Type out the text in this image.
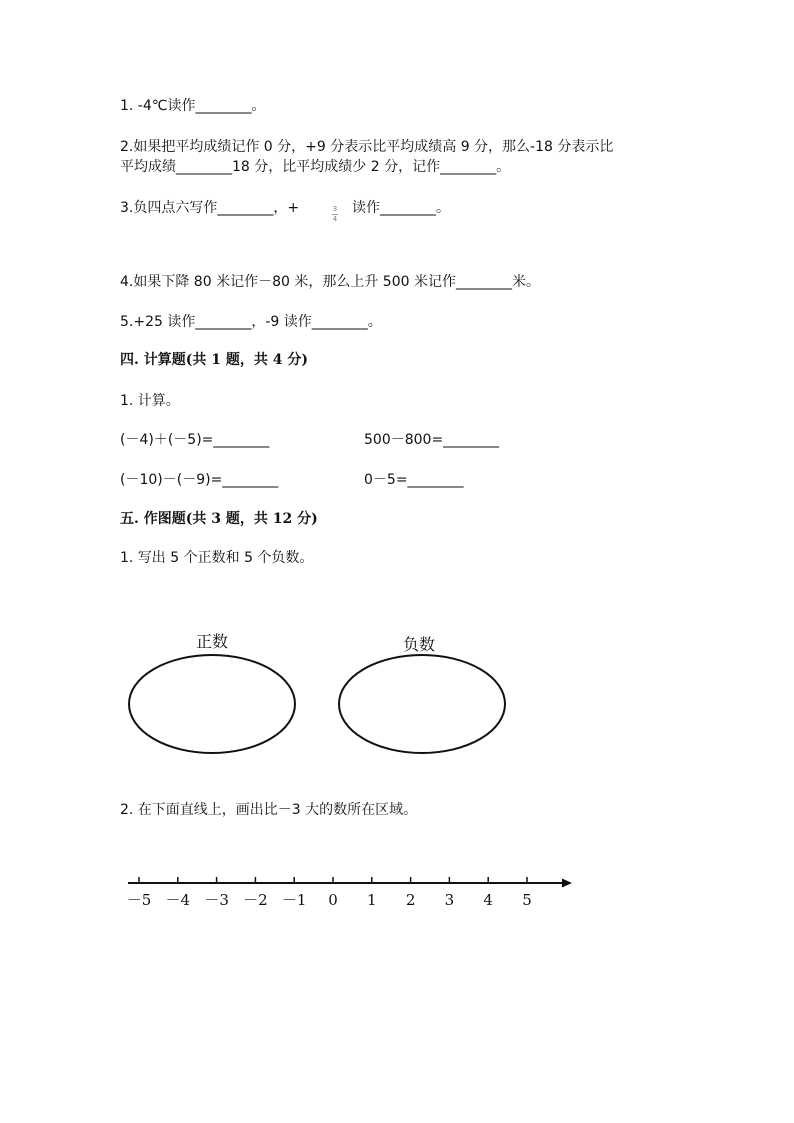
1. -4℃读作________。
2.如果把平均成绩记作 0 分，+9 分表示比平均成绩高 9 分，那么-18 分表示比
平均成绩________18 分，比平均成绩少 2 分，记作________。
3.负四点六写作________，+	3
4
读作________。
4.如果下降 80 米记作－80 米，那么上升 500 米记作________米。
5.+25 读作________，-9 读作________。
四. 计算题(共 1 题，共 4 分)
1. 计算。
(－4)＋(－5)=________	500－800=________
(－10)－(－9)=________	0－5=________
五. 作图题(共 3 题，共 12 分)
1. 写出 5 个正数和 5 个负数。
正数	负数
2. 在下面直线上，画出比－3 大的数所在区域。
－5 －4 －3 －2 －1 0 1 2 3 4 5
